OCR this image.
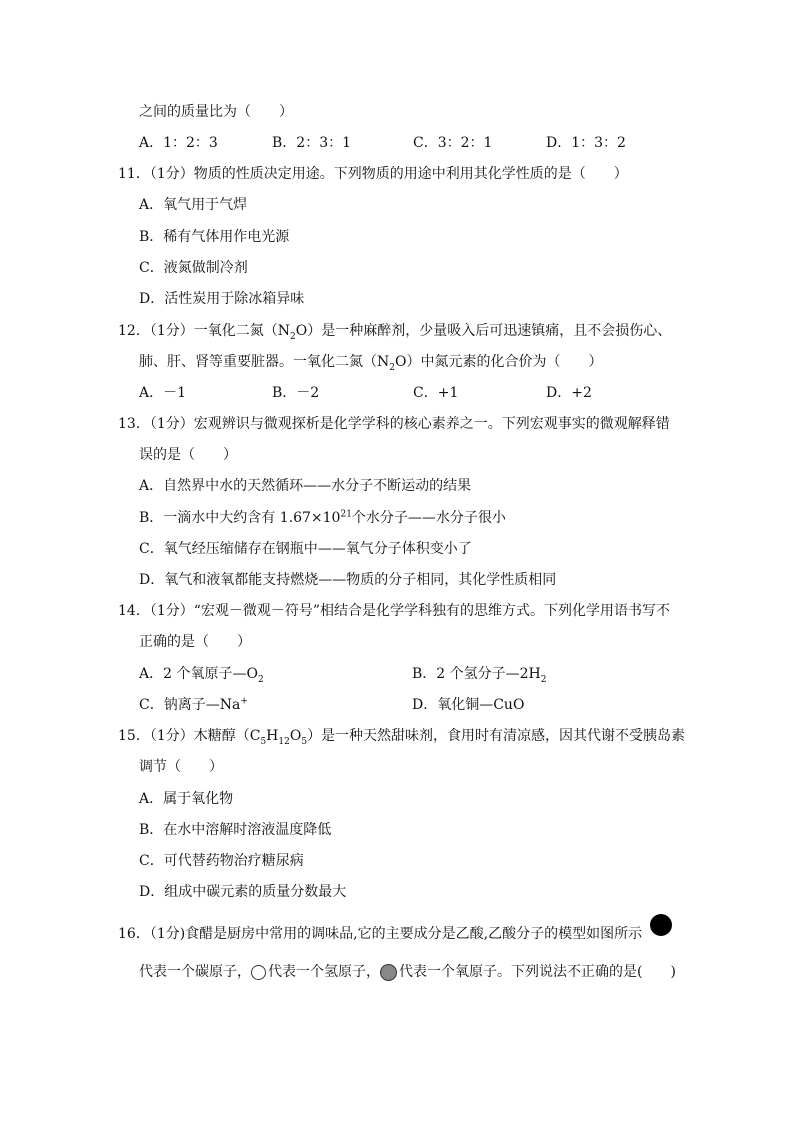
之间的质量比为（　　）
A．1：2：3	B．2：3：1	C．3：2：1	D．1：3：2
11．（1分）物质的性质决定用途。下列物质的用途中利用其化学性质的是（　　）
A．氧气用于气焊
B．稀有气体用作电光源
C．液氮做制冷剂
D．活性炭用于除冰箱异味
12．（1分）一氧化二氮$(N_2O)$是一种麻醉剂，少量吸入后可迅速镇痛，且不会损伤心、
肺、肝、肾等重要脏器。一氧化二氮$(N_2O)$中氮元素的化合价为（　　）
A．－1	B．－2	C．+1	D．+2
13．（1分）宏观辨识与微观探析是化学学科的核心素养之一。下列宏观事实的微观解释错
误的是（　　）
A．自然界中水的天然循环——水分子不断运动的结果
B．一滴水中大约含有 $1.67\times 10^{21}$个水分子——水分子很小
C．氧气经压缩储存在钢瓶中——氧气分子体积变小了
D．氧气和液氧都能支持燃烧——物质的分子相同，其化学性质相同
14．（1分）“宏观－微观－符号”相结合是化学学科独有的思维方式。下列化学用语书写不
正确的是（　　）
A．2 个氧原子$—O_2$	B．2 个氢分子$—2H_2$
C．钠离子—Na+	D．氧化铜—CuO
15．（1分）木糖醇$(C_5H_{12}O_5)$是一种天然甜味剂，食用时有清凉感，因其代谢不受胰岛素
调节（　　）
A．属于氧化物
B．在水中溶解时溶液温度降低
C．可代替药物治疗糖尿病
D．组成中碳元素的质量分数最大
16．（1分)食醋是厨房中常用的调味品,它的主要成分是乙酸,乙酸分子的模型如图所示
代表一个碳原子， 代表一个氢原子， 代表一个氧原子。下列说法不正确的是(　　)
